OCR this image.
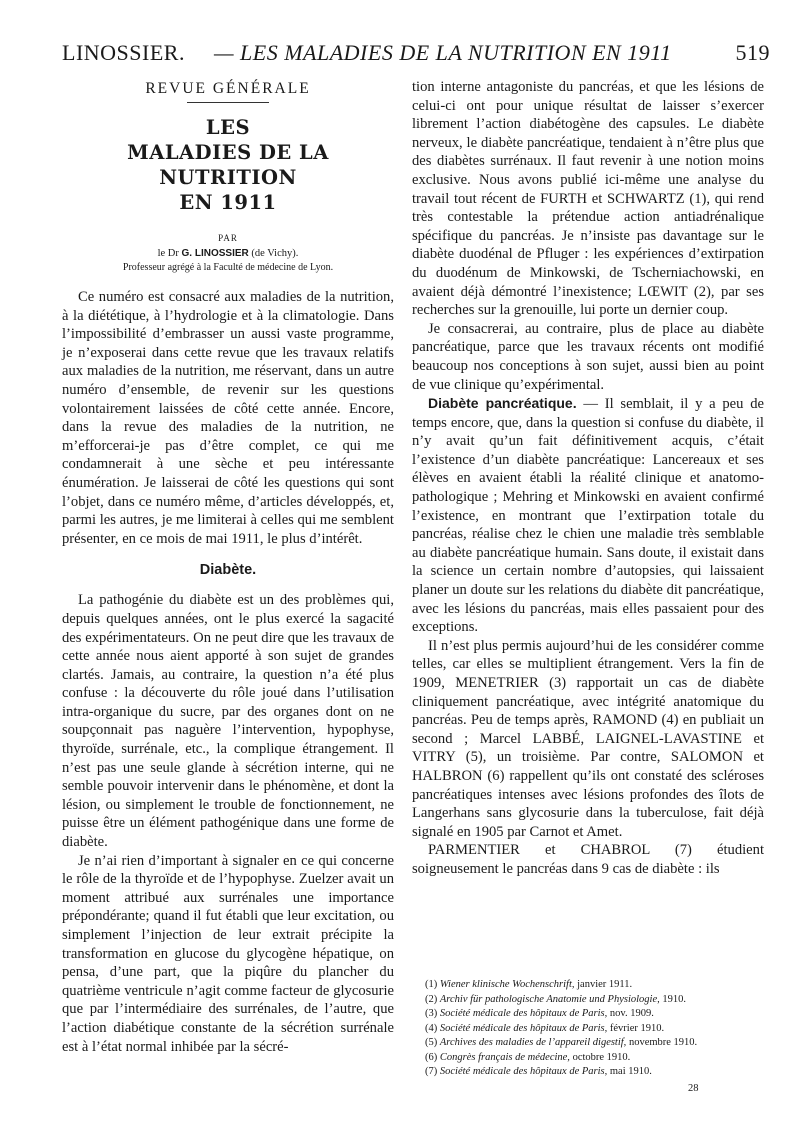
LINOSSIER. — LES MALADIES DE LA NUTRITION EN 1911	519
REVUE GÉNÉRALE
LES
MALADIES DE LA NUTRITION
EN 1911
PAR
le Dr G. LINOSSIER (de Vichy).
Professeur agrégé à la Faculté de médecine de Lyon.

Ce numéro est consacré aux maladies de la nutrition, à la diététique, à l’hydrologie et à la climatologie. Dans l’impossibilité d’embrasser un aussi vaste programme, je n’exposerai dans cette revue que les travaux relatifs aux maladies de la nutrition, me réservant, dans un autre numéro d’ensemble, de revenir sur les questions volontairement laissées de côté cette année. Encore, dans la revue des maladies de la nutrition, ne m’efforcerai-je pas d’être complet, ce qui me condamnerait à une sèche et peu intéressante énumération. Je laisserai de côté les questions qui sont l’objet, dans ce numéro même, d’articles développés, et, parmi les autres, je me limiterai à celles qui me semblent présenter, en ce mois de mai 1911, le plus d’intérêt.

Diabète.

La pathogénie du diabète est un des problèmes qui, depuis quelques années, ont le plus exercé la sagacité des expérimentateurs. On ne peut dire que les travaux de cette année nous aient apporté à son sujet de grandes clartés. Jamais, au contraire, la question n’a été plus confuse : la découverte du rôle joué dans l’utilisation intra-organique du sucre, par des organes dont on ne soupçonnait pas naguère l’intervention, hypophyse, thyroïde, surrénale, etc., la complique étrangement. Il n’est pas une seule glande à sécrétion interne, qui ne semble pouvoir intervenir dans le phénomène, et dont la lésion, ou simplement le trouble de fonctionnement, ne puisse être un élément pathogénique dans une forme de diabète.

Je n’ai rien d’important à signaler en ce qui concerne le rôle de la thyroïde et de l’hypophyse. Zuelzer avait un moment attribué aux surrénales une importance prépondérante; quand il fut établi que leur excitation, ou simplement l’injection de leur extrait précipite la transformation en glucose du glycogène hépatique, on pensa, d’une part, que la piqûre du plancher du quatrième ventricule n’agit comme facteur de glycosurie que par l’intermédiaire des surrénales, de l’autre, que l’action diabétique constante de la sécrétion surrénale est à l’état normal inhibée par la sécré-

tion interne antagoniste du pancréas, et que les lésions de celui-ci ont pour unique résultat de laisser s’exercer librement l’action diabétogène des capsules. Le diabète nerveux, le diabète pancréatique, tendaient à n’être plus que des diabètes surrénaux. Il faut revenir à une notion moins exclusive. Nous avons publié ici-même une analyse du travail tout récent de FURTH et SCHWARTZ (1), qui rend très contestable la prétendue action antiadrénalique spécifique du pancréas. Je n’insiste pas davantage sur le diabète duodénal de Pfluger : les expériences d’extirpation du duodénum de Minkowski, de Tscherniachowski, en avaient déjà démontré l’inexistence; LŒWIT (2), par ses recherches sur la grenouille, lui porte un dernier coup.

Je consacrerai, au contraire, plus de place au diabète pancréatique, parce que les travaux récents ont modifié beaucoup nos conceptions à son sujet, aussi bien au point de vue clinique qu’expérimental.

Diabète pancréatique. — Il semblait, il y a peu de temps encore, que, dans la question si confuse du diabète, il n’y avait qu’un fait définitivement acquis, c’était l’existence d’un diabète pancréatique: Lancereaux et ses élèves en avaient établi la réalité clinique et anatomo-pathologique ; Mehring et Minkowski en avaient confirmé l’existence, en montrant que l’extirpation totale du pancréas, réalise chez le chien une maladie très semblable au diabète pancréatique humain. Sans doute, il existait dans la science un certain nombre d’autopsies, qui laissaient planer un doute sur les relations du diabète dit pancréatique, avec les lésions du pancréas, mais elles passaient pour des exceptions.

Il n’est plus permis aujourd’hui de les considérer comme telles, car elles se multiplient étrangement. Vers la fin de 1909, MENETRIER (3) rapportait un cas de diabète cliniquement pancréatique, avec intégrité anatomique du pancréas. Peu de temps après, RAMOND (4) en publiait un second ; Marcel LABBÉ, LAIGNEL-LAVASTINE et VITRY (5), un troisième. Par contre, SALOMON et HALBRON (6) rappellent qu’ils ont constaté des scléroses pancréatiques intenses avec lésions profondes des îlots de Langerhans sans glycosurie dans la tuberculose, fait déjà signalé en 1905 par Carnot et Amet.

PARMENTIER et CHABROL (7) étudient soigneusement le pancréas dans 9 cas de diabète : ils

(1) Wiener klinische Wochenschrift, janvier 1911.
(2) Archiv für pathologische Anatomie und Physiologie, 1910.
(3) Société médicale des hôpitaux de Paris, nov. 1909.
(4) Société médicale des hôpitaux de Paris, février 1910.
(5) Archives des maladies de l’appareil digestif, novembre 1910.
(6) Congrès français de médecine, octobre 1910.
(7) Société médicale des hôpitaux de Paris, mai 1910.
28
